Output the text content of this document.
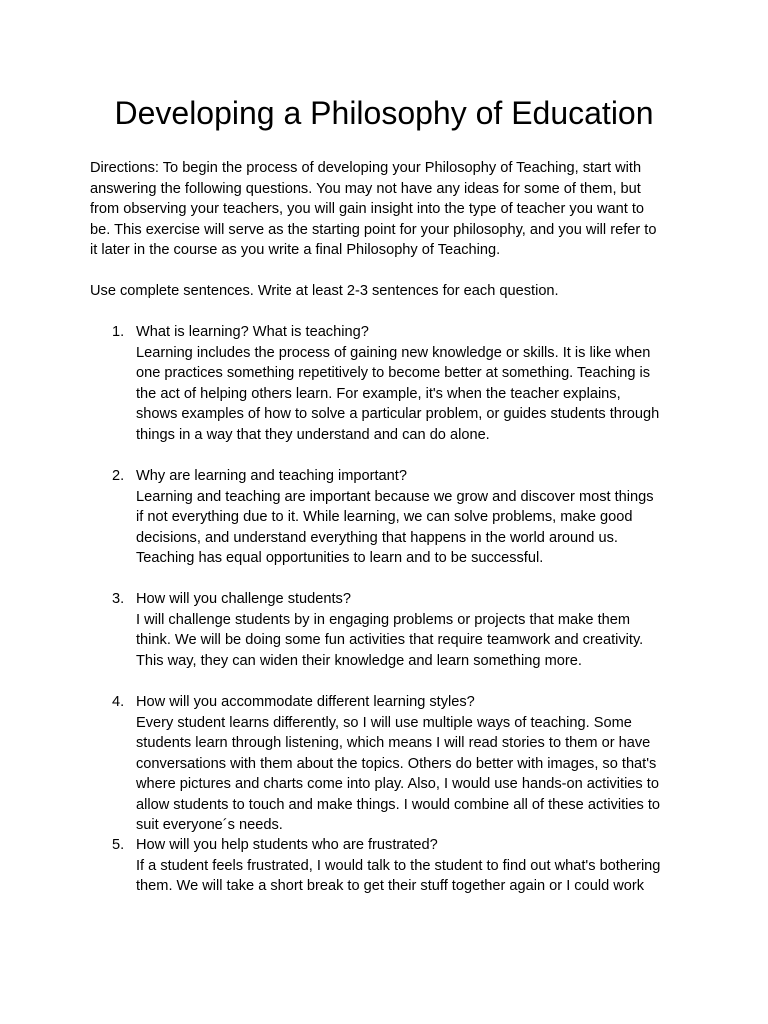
Developing a Philosophy of Education

Directions: To begin the process of developing your Philosophy of Teaching, start with
answering the following questions. You may not have any ideas for some of them, but
from observing your teachers, you will gain insight into the type of teacher you want to
be. This exercise will serve as the starting point for your philosophy, and you will refer to
it later in the course as you write a final Philosophy of Teaching.

Use complete sentences. Write at least 2-3 sentences for each question.

1. What is learning? What is teaching?
Learning includes the process of gaining new knowledge or skills. It is like when
one practices something repetitively to become better at something. Teaching is
the act of helping others learn. For example, it's when the teacher explains,
shows examples of how to solve a particular problem, or guides students through
things in a way that they understand and can do alone.
2. Why are learning and teaching important?
Learning and teaching are important because we grow and discover most things
if not everything due to it. While learning, we can solve problems, make good
decisions, and understand everything that happens in the world around us.
Teaching has equal opportunities to learn and to be successful.
3. How will you challenge students?
I will challenge students by in engaging problems or projects that make them
think. We will be doing some fun activities that require teamwork and creativity.
This way, they can widen their knowledge and learn something more.
4. How will you accommodate different learning styles?
Every student learns differently, so I will use multiple ways of teaching. Some
students learn through listening, which means I will read stories to them or have
conversations with them about the topics. Others do better with images, so that's
where pictures and charts come into play. Also, I would use hands-on activities to
allow students to touch and make things. I would combine all of these activities to
suit everyone´s needs.
5. How will you help students who are frustrated?
If a student feels frustrated, I would talk to the student to find out what's bothering
them. We will take a short break to get their stuff together again or I could work
